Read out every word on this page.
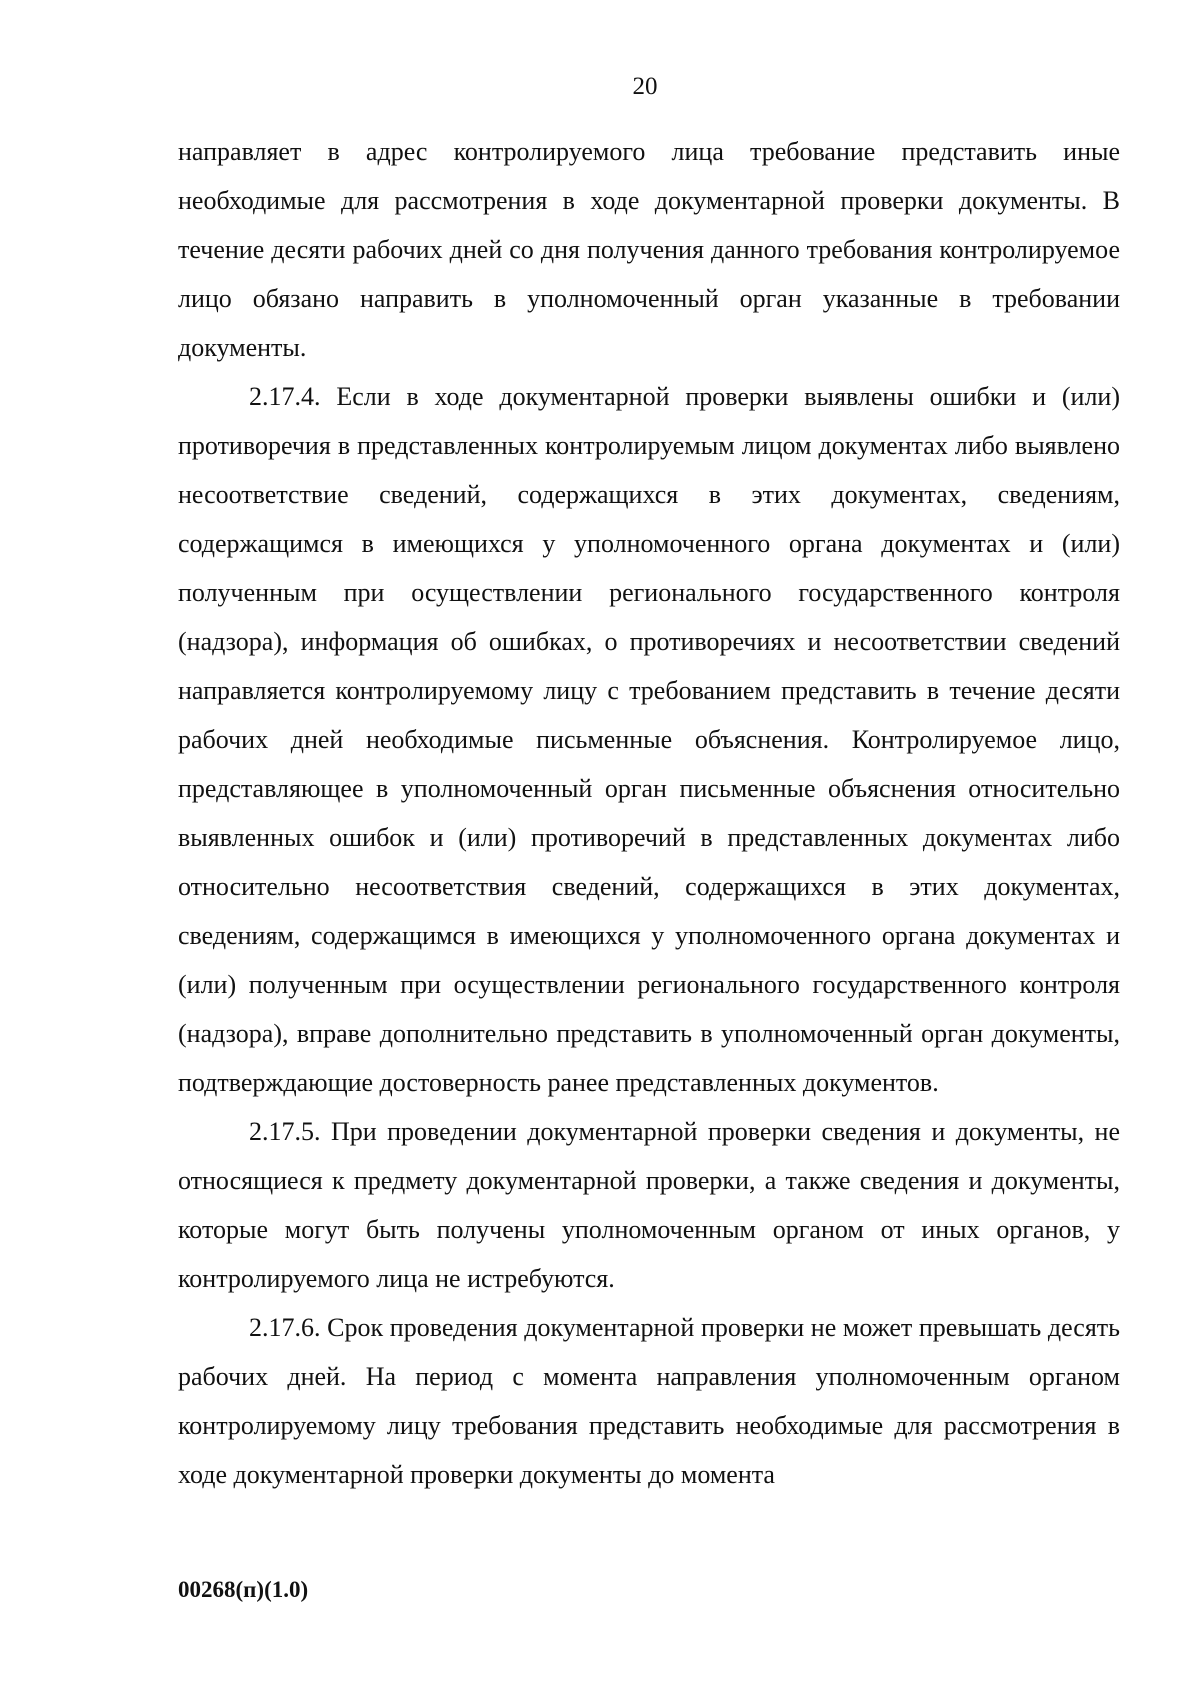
20

направляет в адрес контролируемого лица требование представить иные необходимые для рассмотрения в ходе документарной проверки документы. В течение десяти рабочих дней со дня получения данного требования контролируемое лицо обязано направить в уполномоченный орган указанные в требовании документы.

2.17.4. Если в ходе документарной проверки выявлены ошибки и (или) противоречия в представленных контролируемым лицом документах либо выявлено несоответствие сведений, содержащихся в этих документах, сведениям, содержащимся в имеющихся у уполномоченного органа документах и (или) полученным при осуществлении регионального государственного контроля (надзора), информация об ошибках, о противоречиях и несоответствии сведений направляется контролируемому лицу с требованием представить в течение десяти рабочих дней необходимые письменные объяснения. Контролируемое лицо, представляющее в уполномоченный орган письменные объяснения относительно выявленных ошибок и (или) противоречий в представленных документах либо относительно несоответствия сведений, содержащихся в этих документах, сведениям, содержащимся в имеющихся у уполномоченного органа документах и (или) полученным при осуществлении регионального государственного контроля (надзора), вправе дополнительно представить в уполномоченный орган документы, подтверждающие достоверность ранее представленных документов.

2.17.5. При проведении документарной проверки сведения и документы, не относящиеся к предмету документарной проверки, а также сведения и документы, которые могут быть получены уполномоченным органом от иных органов, у контролируемого лица не истребуются.

2.17.6. Срок проведения документарной проверки не может превышать десять рабочих дней. На период с момента направления уполномоченным органом контролируемому лицу требования представить необходимые для рассмотрения в ходе документарной проверки документы до момента

00268(п)(1.0)
